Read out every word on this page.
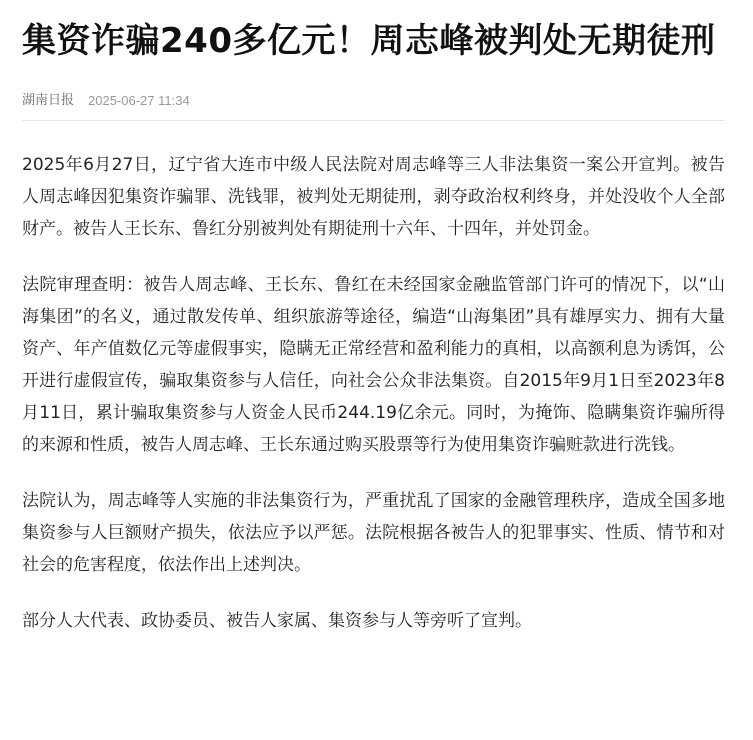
集资诈骗240多亿元！周志峰被判处无期徒刑
湖南日报 2025-06-27 11:34

2025年6月27日，辽宁省大连市中级人民法院对周志峰等三人非法集资一案公开宣判。被告人周志峰因犯集资诈骗罪、洗钱罪，被判处无期徒刑，剥夺政治权利终身，并处没收个人全部财产。被告人王长东、鲁红分别被判处有期徒刑十六年、十四年，并处罚金。

法院审理查明：被告人周志峰、王长东、鲁红在未经国家金融监管部门许可的情况下，以“山海集团”的名义，通过散发传单、组织旅游等途径，编造“山海集团”具有雄厚实力、拥有大量资产、年产值数亿元等虚假事实，隐瞒无正常经营和盈利能力的真相，以高额利息为诱饵，公开进行虚假宣传，骗取集资参与人信任，向社会公众非法集资。自2015年9月1日至2023年8月11日，累计骗取集资参与人资金人民币244.19亿余元。同时，为掩饰、隐瞒集资诈骗所得的来源和性质，被告人周志峰、王长东通过购买股票等行为使用集资诈骗赃款进行洗钱。

法院认为，周志峰等人实施的非法集资行为，严重扰乱了国家的金融管理秩序，造成全国多地集资参与人巨额财产损失，依法应予以严惩。法院根据各被告人的犯罪事实、性质、情节和对社会的危害程度，依法作出上述判决。

部分人大代表、政协委员、被告人家属、集资参与人等旁听了宣判。
